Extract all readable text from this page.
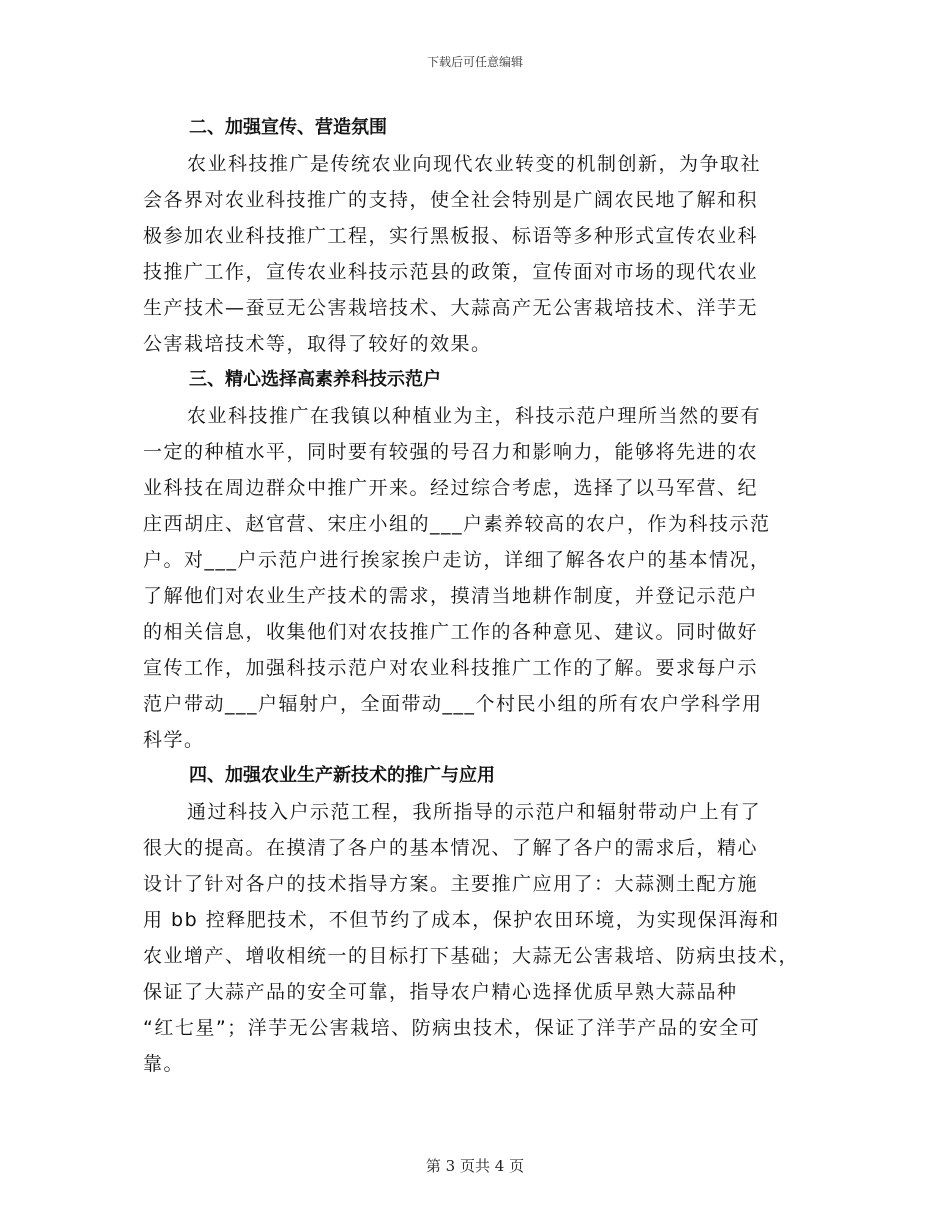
下载后可任意编辑
二、加强宣传、营造氛围

农业科技推广是传统农业向现代农业转变的机制创新，为争取社
会各界对农业科技推广的支持，使全社会特别是广阔农民地了解和积
极参加农业科技推广工程，实行黑板报、标语等多种形式宣传农业科
技推广工作，宣传农业科技示范县的政策，宣传面对市场的现代农业
生产技术—蚕豆无公害栽培技术、大蒜高产无公害栽培技术、洋芋无
公害栽培技术等，取得了较好的效果。

三、精心选择高素养科技示范户

农业科技推广在我镇以种植业为主，科技示范户理所当然的要有
一定的种植水平，同时要有较强的号召力和影响力，能够将先进的农
业科技在周边群众中推广开来。经过综合考虑，选择了以马军营、纪
庄西胡庄、赵官营、宋庄小组的___户素养较高的农户，作为科技示范
户。对___户示范户进行挨家挨户走访，详细了解各农户的基本情况，
了解他们对农业生产技术的需求，摸清当地耕作制度，并登记示范户
的相关信息，收集他们对农技推广工作的各种意见、建议。同时做好
宣传工作，加强科技示范户对农业科技推广工作的了解。要求每户示
范户带动___户辐射户，全面带动___个村民小组的所有农户学科学用
科学。

四、加强农业生产新技术的推广与应用

通过科技入户示范工程，我所指导的示范户和辐射带动户上有了
很大的提高。在摸清了各户的基本情况、了解了各户的需求后，精心
设计了针对各户的技术指导方案。主要推广应用了：大蒜测土配方施
用 bb 控释肥技术，不但节约了成本，保护农田环境，为实现保洱海和
农业增产、增收相统一的目标打下基础；大蒜无公害栽培、防病虫技术，
保证了大蒜产品的安全可靠，指导农户精心选择优质早熟大蒜品种
“红七星”；洋芋无公害栽培、防病虫技术，保证了洋芋产品的安全可
靠。

第 3 页共 4 页
